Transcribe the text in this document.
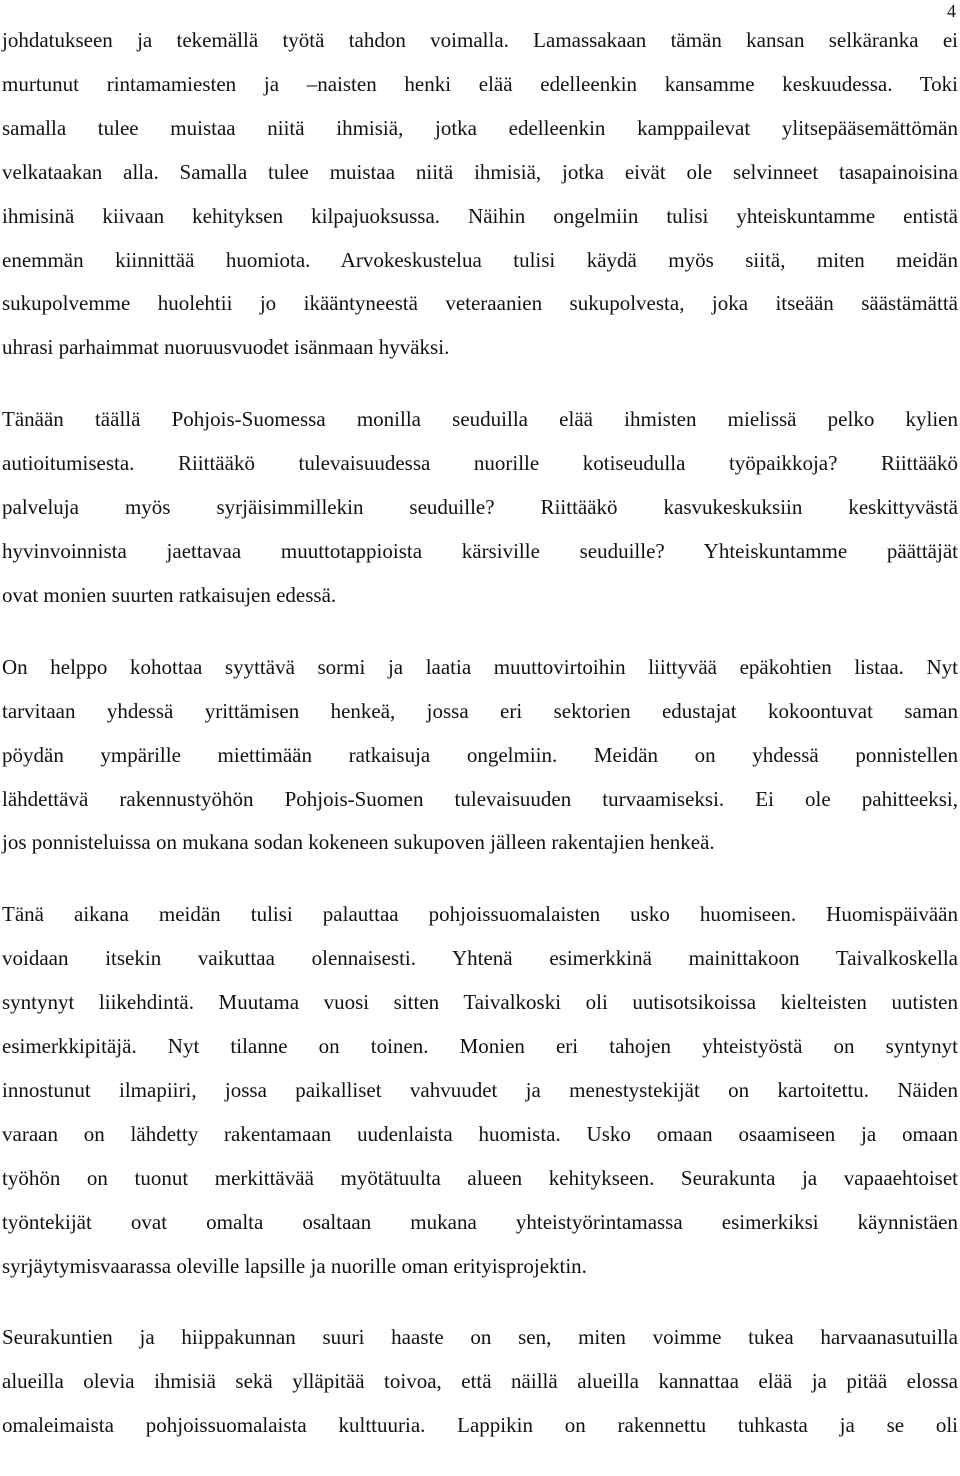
4

johdatukseen ja tekemällä työtä tahdon voimalla. Lamassakaan tämän kansan selkäranka ei
murtunut rintamamiesten ja –naisten henki elää edelleenkin kansamme keskuudessa. Toki
samalla tulee muistaa niitä ihmisiä, jotka edelleenkin kamppailevat ylitsepääsemättömän
velkataakan alla. Samalla tulee muistaa niitä ihmisiä, jotka eivät ole selvinneet tasapainoisina
ihmisinä kiivaan kehityksen kilpajuoksussa. Näihin ongelmiin tulisi yhteiskuntamme entistä
enemmän kiinnittää huomiota. Arvokeskustelua tulisi käydä myös siitä, miten meidän
sukupolvemme huolehtii jo ikääntyneestä veteraanien sukupolvesta, joka itseään säästämättä
uhrasi parhaimmat nuoruusvuodet isänmaan hyväksi.

Tänään täällä Pohjois-Suomessa monilla seuduilla elää ihmisten mielissä pelko kylien
autioitumisesta. Riittääkö tulevaisuudessa nuorille kotiseudulla työpaikkoja? Riittääkö
palveluja myös syrjäisimmillekin seuduille? Riittääkö kasvukeskuksiin keskittyvästä
hyvinvoinnista jaettavaa muuttotappioista kärsiville seuduille? Yhteiskuntamme päättäjät
ovat monien suurten ratkaisujen edessä.

On helppo kohottaa syyttävä sormi ja laatia muuttovirtoihin liittyvää epäkohtien listaa. Nyt
tarvitaan yhdessä yrittämisen henkeä, jossa eri sektorien edustajat kokoontuvat saman
pöydän ympärille miettimään ratkaisuja ongelmiin. Meidän on yhdessä ponnistellen
lähdettävä rakennustyöhön Pohjois-Suomen tulevaisuuden turvaamiseksi. Ei ole pahitteeksi,
jos ponnisteluissa on mukana sodan kokeneen sukupoven jälleen rakentajien henkeä.

Tänä aikana meidän tulisi palauttaa pohjoissuomalaisten usko huomiseen. Huomispäivään
voidaan itsekin vaikuttaa olennaisesti. Yhtenä esimerkkinä mainittakoon Taivalkoskella
syntynyt liikehdintä. Muutama vuosi sitten Taivalkoski oli uutisotsikoissa kielteisten uutisten
esimerkkipitäjä. Nyt tilanne on toinen. Monien eri tahojen yhteistyöstä on syntynyt
innostunut ilmapiiri, jossa paikalliset vahvuudet ja menestystekijät on kartoitettu. Näiden
varaan on lähdetty rakentamaan uudenlaista huomista. Usko omaan osaamiseen ja omaan
työhön on tuonut merkittävää myötätuulta alueen kehitykseen. Seurakunta ja vapaaehtoiset
työntekijät ovat omalta osaltaan mukana yhteistyörintamassa esimerkiksi käynnistäen
syrjäytymisvaarassa oleville lapsille ja nuorille oman erityisprojektin.

Seurakuntien ja hiippakunnan suuri haaste on sen, miten voimme tukea harvaanasutuilla
alueilla olevia ihmisiä sekä ylläpitää toivoa, että näillä alueilla kannattaa elää ja pitää elossa
omaleimaista pohjoissuomalaista kulttuuria. Lappikin on rakennettu tuhkasta ja se oli
